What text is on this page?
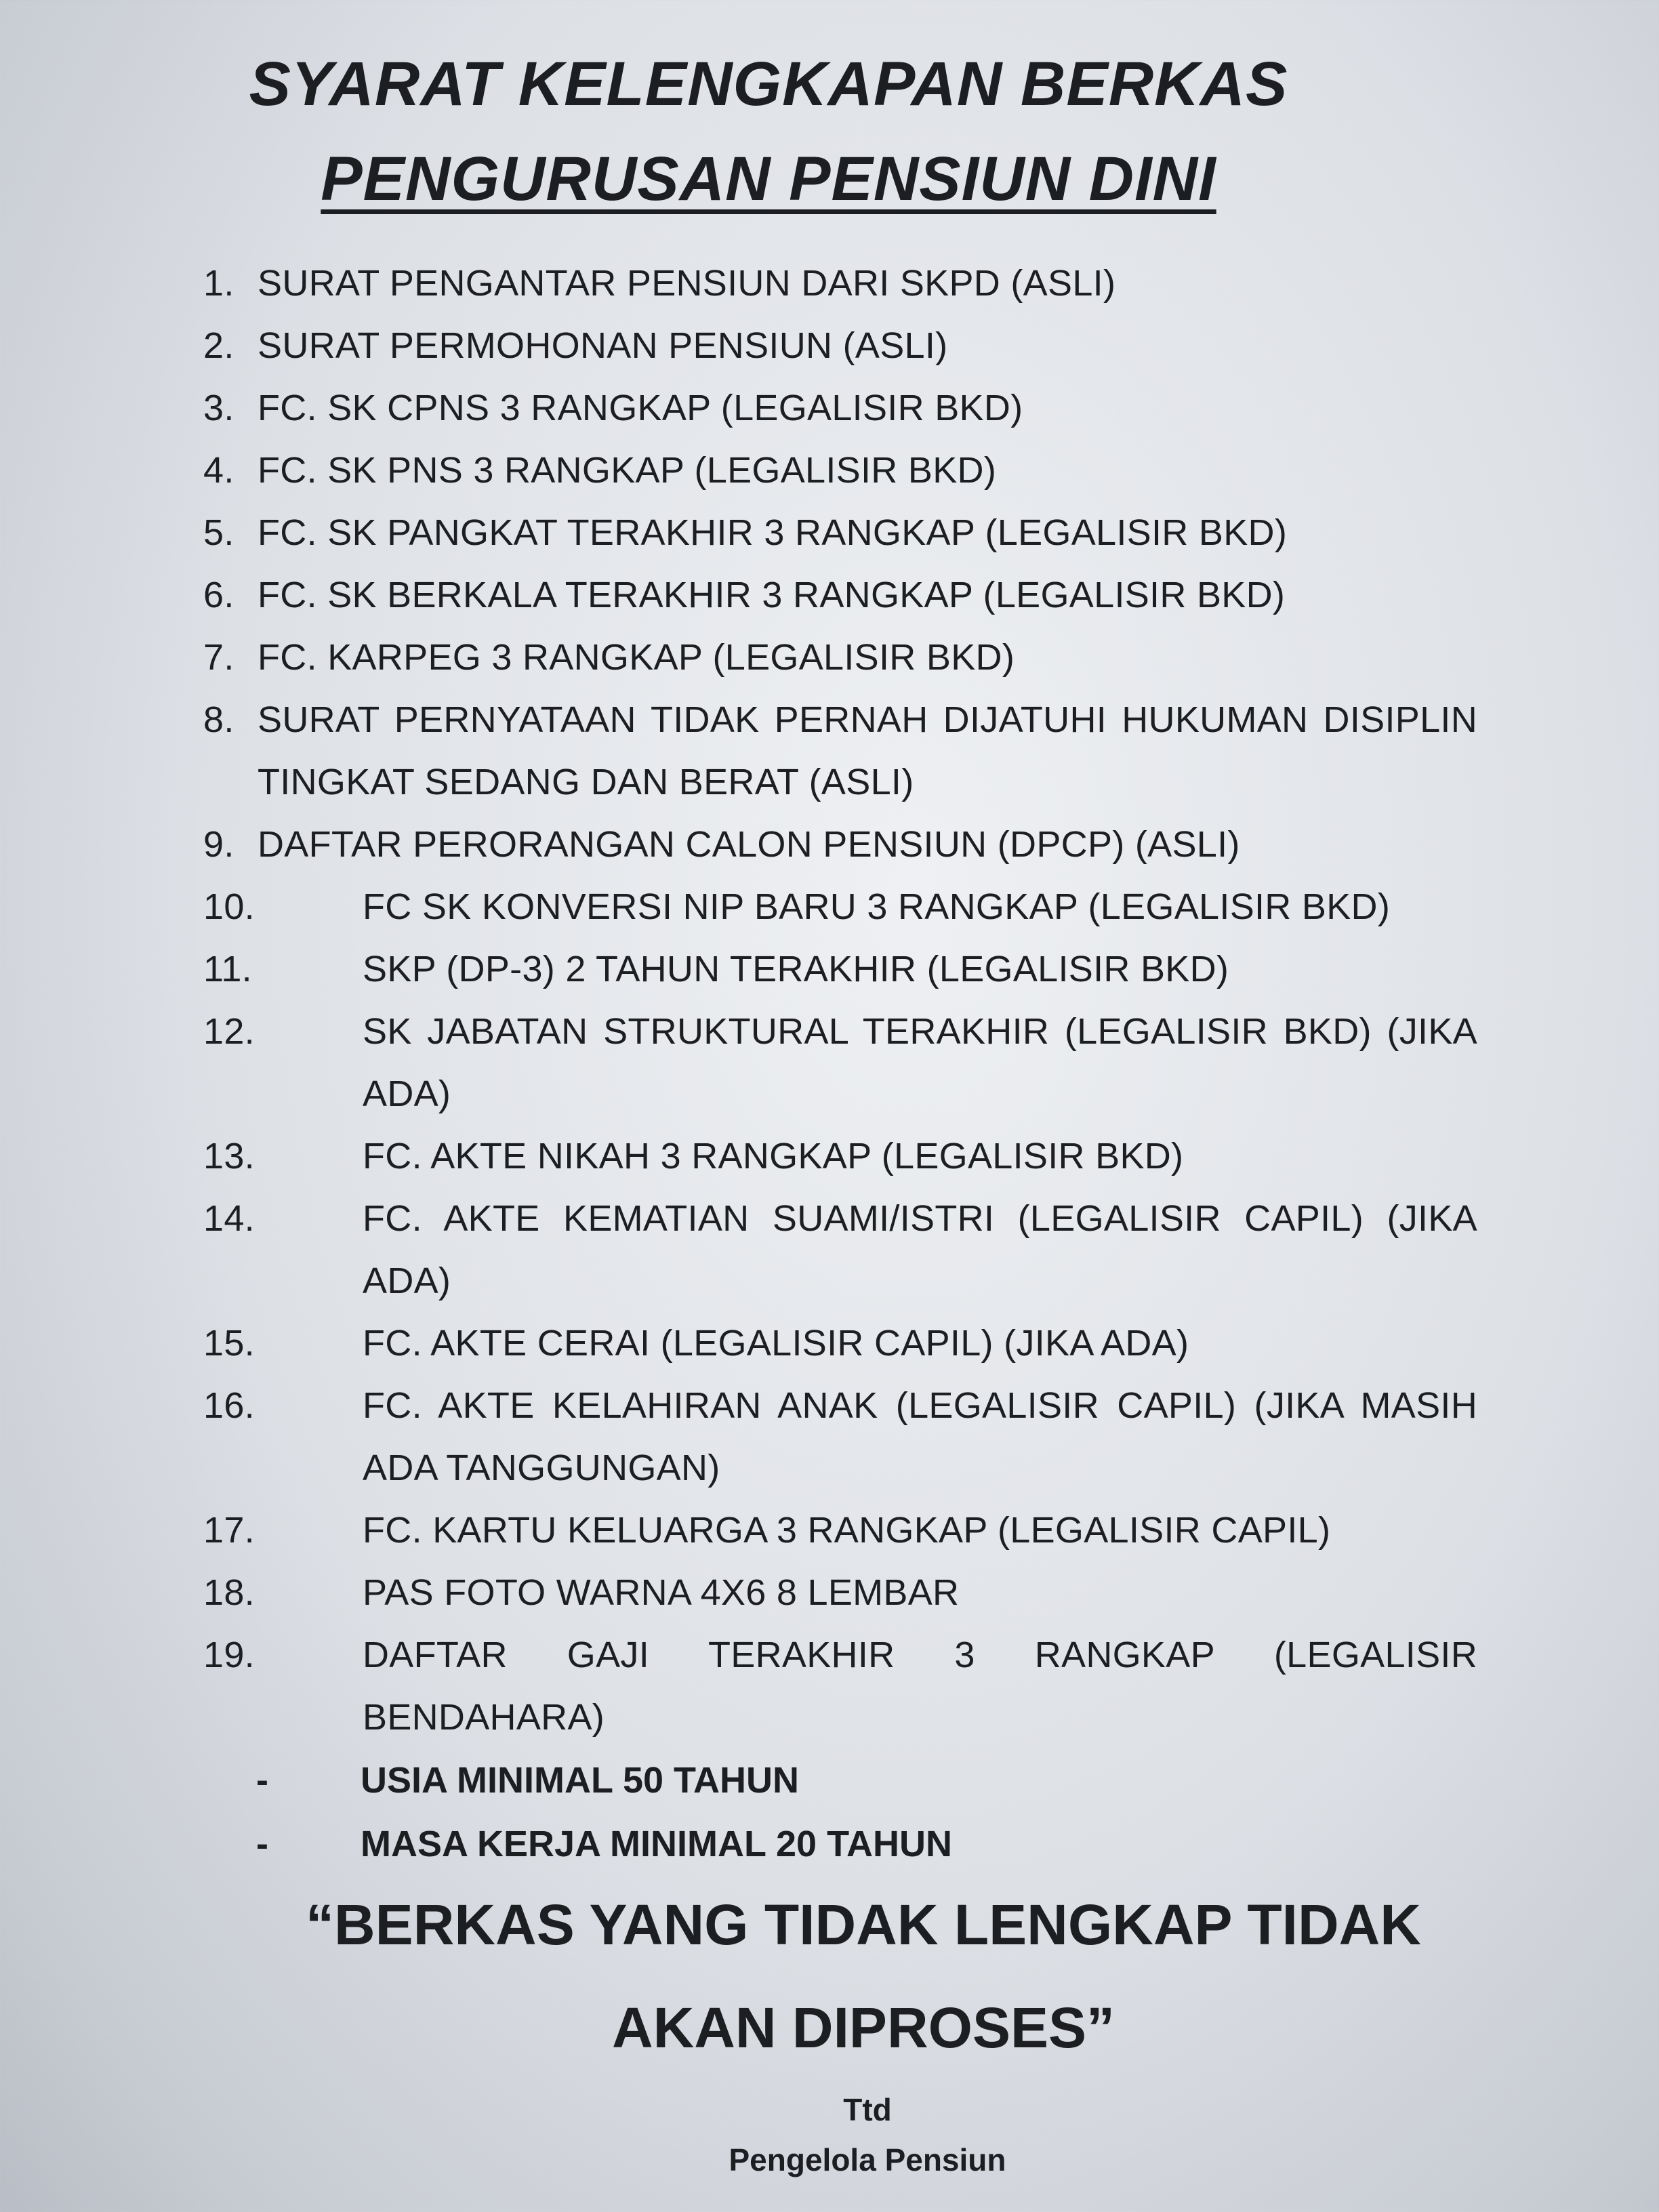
SYARAT KELENGKAPAN BERKAS
PENGURUSAN PENSIUN DINI
1. SURAT PENGANTAR PENSIUN DARI SKPD (ASLI)
2. SURAT PERMOHONAN PENSIUN (ASLI)
3. FC. SK CPNS 3 RANGKAP (LEGALISIR BKD)
4. FC. SK PNS 3 RANGKAP (LEGALISIR BKD)
5. FC. SK PANGKAT TERAKHIR 3 RANGKAP (LEGALISIR BKD)
6. FC. SK BERKALA TERAKHIR 3 RANGKAP (LEGALISIR BKD)
7. FC. KARPEG 3 RANGKAP (LEGALISIR BKD)
8. SURAT PERNYATAAN TIDAK PERNAH DIJATUHI HUKUMAN DISIPLIN TINGKAT SEDANG DAN BERAT (ASLI)
9. DAFTAR PERORANGAN CALON PENSIUN (DPCP) (ASLI)
10.	FC SK KONVERSI NIP BARU 3 RANGKAP (LEGALISIR BKD)
11.	SKP (DP-3) 2 TAHUN TERAKHIR (LEGALISIR BKD)
12.	SK JABATAN STRUKTURAL TERAKHIR (LEGALISIR BKD) (JIKA ADA)
13.	FC. AKTE NIKAH 3 RANGKAP (LEGALISIR BKD)
14.	FC. AKTE KEMATIAN SUAMI/ISTRI (LEGALISIR CAPIL) (JIKA ADA)
15.	FC. AKTE CERAI (LEGALISIR CAPIL) (JIKA ADA)
16.	FC. AKTE KELAHIRAN ANAK (LEGALISIR CAPIL) (JIKA MASIH ADA TANGGUNGAN)
17.	FC. KARTU KELUARGA 3 RANGKAP (LEGALISIR CAPIL)
18.	PAS FOTO WARNA 4X6 8 LEMBAR
19.	DAFTAR GAJI TERAKHIR 3 RANGKAP (LEGALISIR BENDAHARA)
-	USIA MINIMAL 50 TAHUN
-	MASA KERJA MINIMAL 20 TAHUN
“BERKAS YANG TIDAK LENGKAP TIDAK
AKAN DIPROSES”
Ttd
Pengelola Pensiun
